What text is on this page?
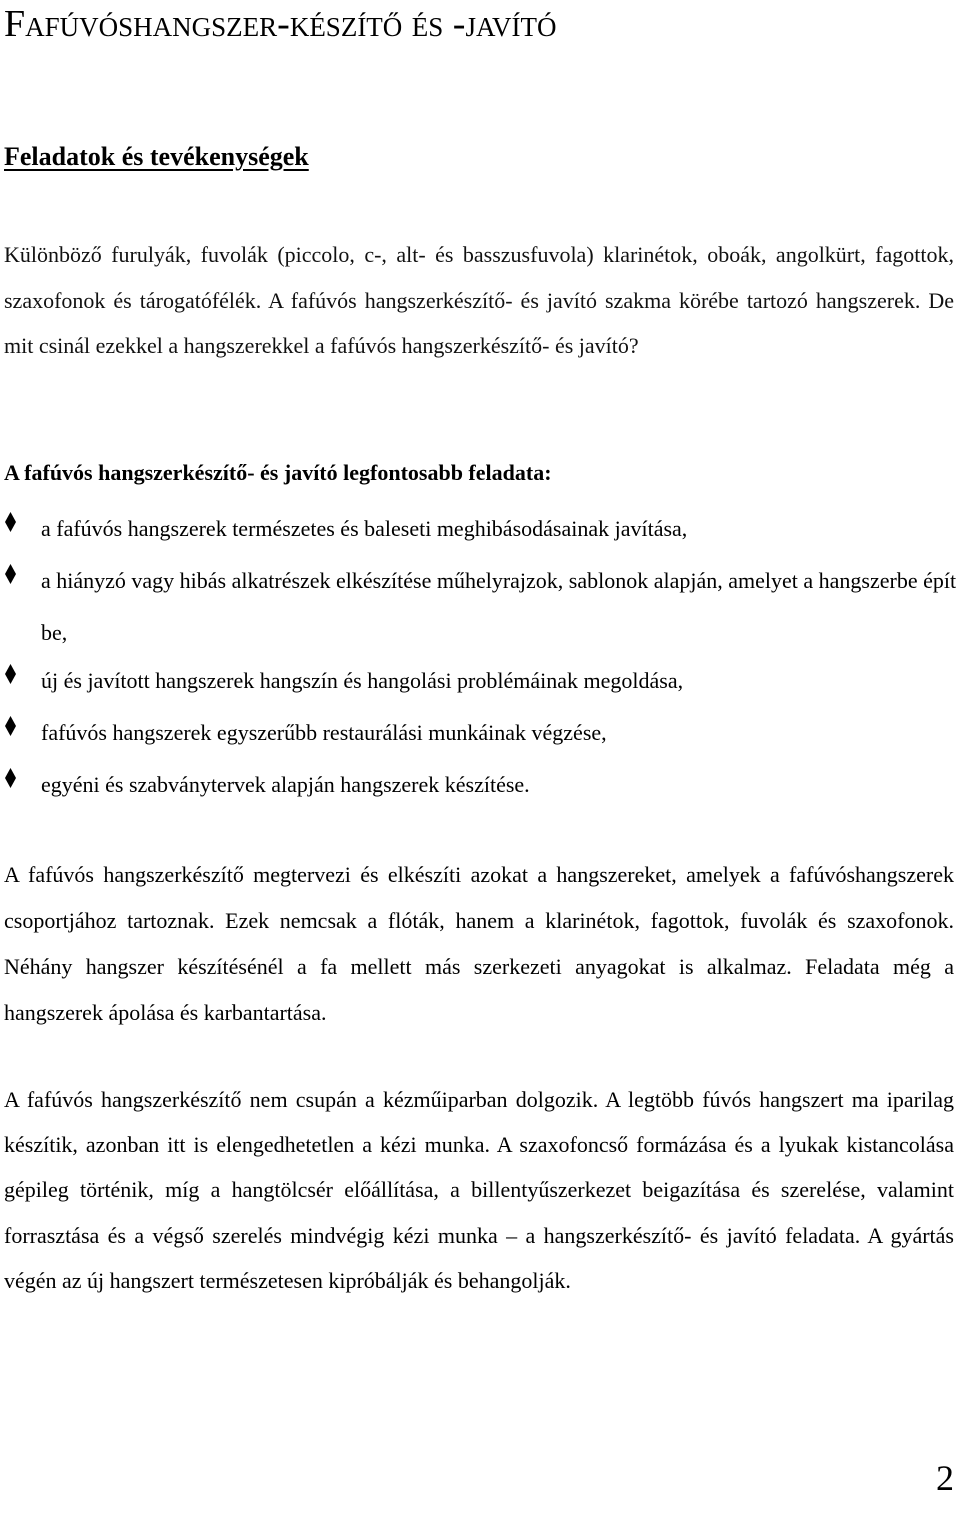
Fafúvóshangszer-készítő és -javító
Feladatok és tevékenységek

Különböző furulyák, fuvolák (piccolo, c-, alt- és basszusfuvola) klarinétok, oboák, angolkürt, fagottok, szaxofonok és tárogatófélék. A fafúvós hangszerkészítő- és javító szakma körébe tartozó hangszerek. De mit csinál ezekkel a hangszerekkel a fafúvós hangszerkészítő- és javító?

A fafúvós hangszerkészítő- és javító legfontosabb feladata:

a fafúvós hangszerek természetes és baleseti meghibásodásainak javítása,

a hiányzó vagy hibás alkatrészek elkészítése műhelyrajzok, sablonok alapján, amelyet a hangszerbe épít be,

új és javított hangszerek hangszín és hangolási problémáinak megoldása,

fafúvós hangszerek egyszerűbb restaurálási munkáinak végzése,

egyéni és szabványtervek alapján hangszerek készítése.

A fafúvós hangszerkészítő megtervezi és elkészíti azokat a hangszereket, amelyek a fafúvóshangszerek csoportjához tartoznak. Ezek nemcsak a flóták, hanem a klarinétok, fagottok, fuvolák és szaxofonok. Néhány hangszer készítésénél a fa mellett más szerkezeti anyagokat is alkalmaz. Feladata még a hangszerek ápolása és karbantartása.

A fafúvós hangszerkészítő nem csupán a kézműiparban dolgozik. A legtöbb fúvós hangszert ma iparilag készítik, azonban itt is elengedhetetlen a kézi munka. A szaxofoncső formázása és a lyukak kistancolása gépileg történik, míg a hangtölcsér előállítása, a billentyűszerkezet beigazítása és szerelése, valamint forrasztása és a végső szerelés mindvégig kézi munka – a hangszerkészítő- és javító feladata. A gyártás végén az új hangszert természetesen kipróbálják és behangolják.

2
